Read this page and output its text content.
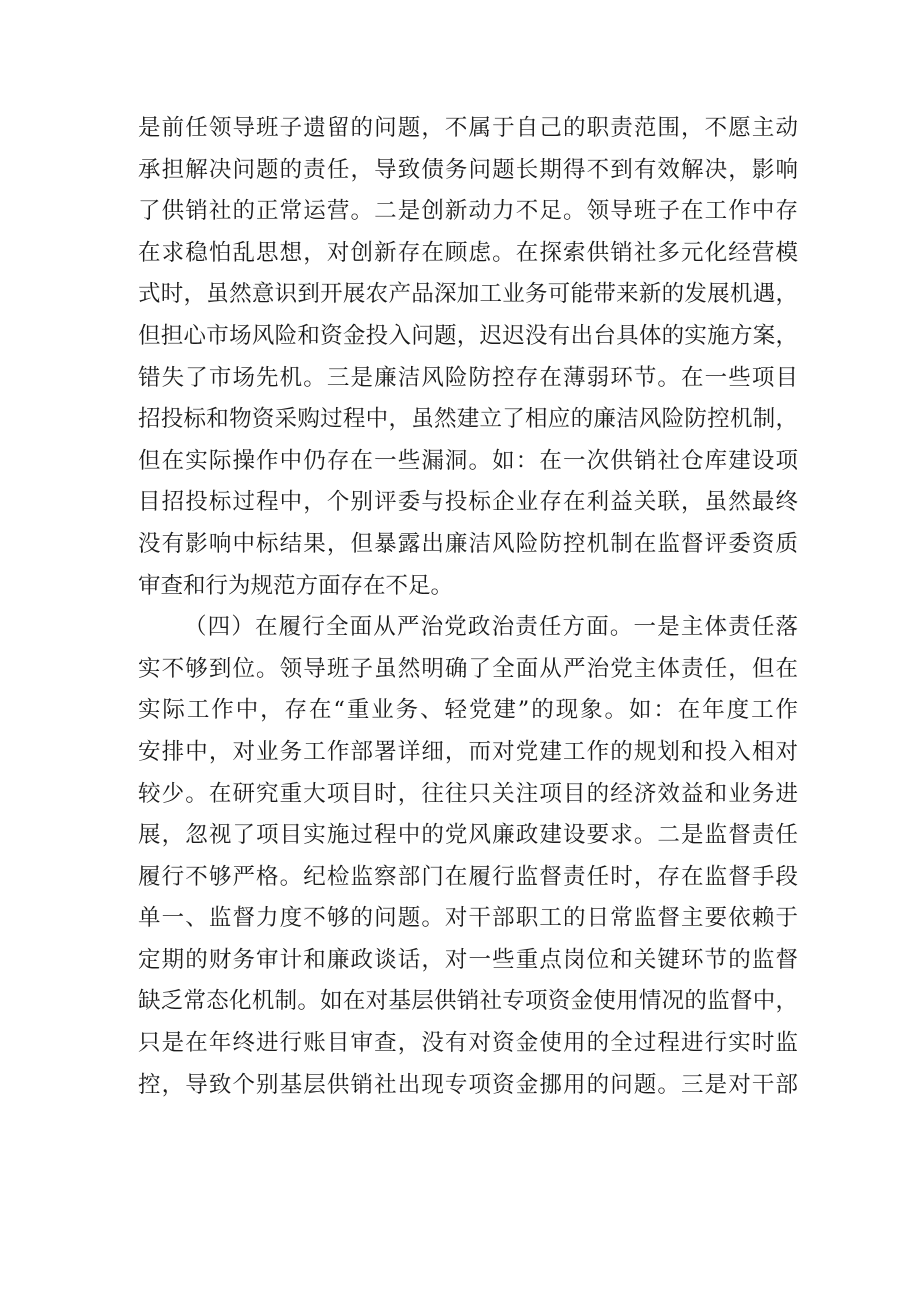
是前任领导班子遗留的问题，不属于自己的职责范围，不愿主动
承担解决问题的责任，导致债务问题长期得不到有效解决，影响
了供销社的正常运营。二是创新动力不足。领导班子在工作中存
在求稳怕乱思想，对创新存在顾虑。在探索供销社多元化经营模
式时，虽然意识到开展农产品深加工业务可能带来新的发展机遇，
但担心市场风险和资金投入问题，迟迟没有出台具体的实施方案，
错失了市场先机。三是廉洁风险防控存在薄弱环节。在一些项目
招投标和物资采购过程中，虽然建立了相应的廉洁风险防控机制，
但在实际操作中仍存在一些漏洞。如：在一次供销社仓库建设项
目招投标过程中，个别评委与投标企业存在利益关联，虽然最终
没有影响中标结果，但暴露出廉洁风险防控机制在监督评委资质
审查和行为规范方面存在不足。
（四）在履行全面从严治党政治责任方面。一是主体责任落
实不够到位。领导班子虽然明确了全面从严治党主体责任，但在
实际工作中，存在“重业务、轻党建”的现象。如：在年度工作
安排中，对业务工作部署详细，而对党建工作的规划和投入相对
较少。在研究重大项目时，往往只关注项目的经济效益和业务进
展，忽视了项目实施过程中的党风廉政建设要求。二是监督责任
履行不够严格。纪检监察部门在履行监督责任时，存在监督手段
单一、监督力度不够的问题。对干部职工的日常监督主要依赖于
定期的财务审计和廉政谈话，对一些重点岗位和关键环节的监督
缺乏常态化机制。如在对基层供销社专项资金使用情况的监督中，
只是在年终进行账目审查，没有对资金使用的全过程进行实时监
控，导致个别基层供销社出现专项资金挪用的问题。三是对干部
